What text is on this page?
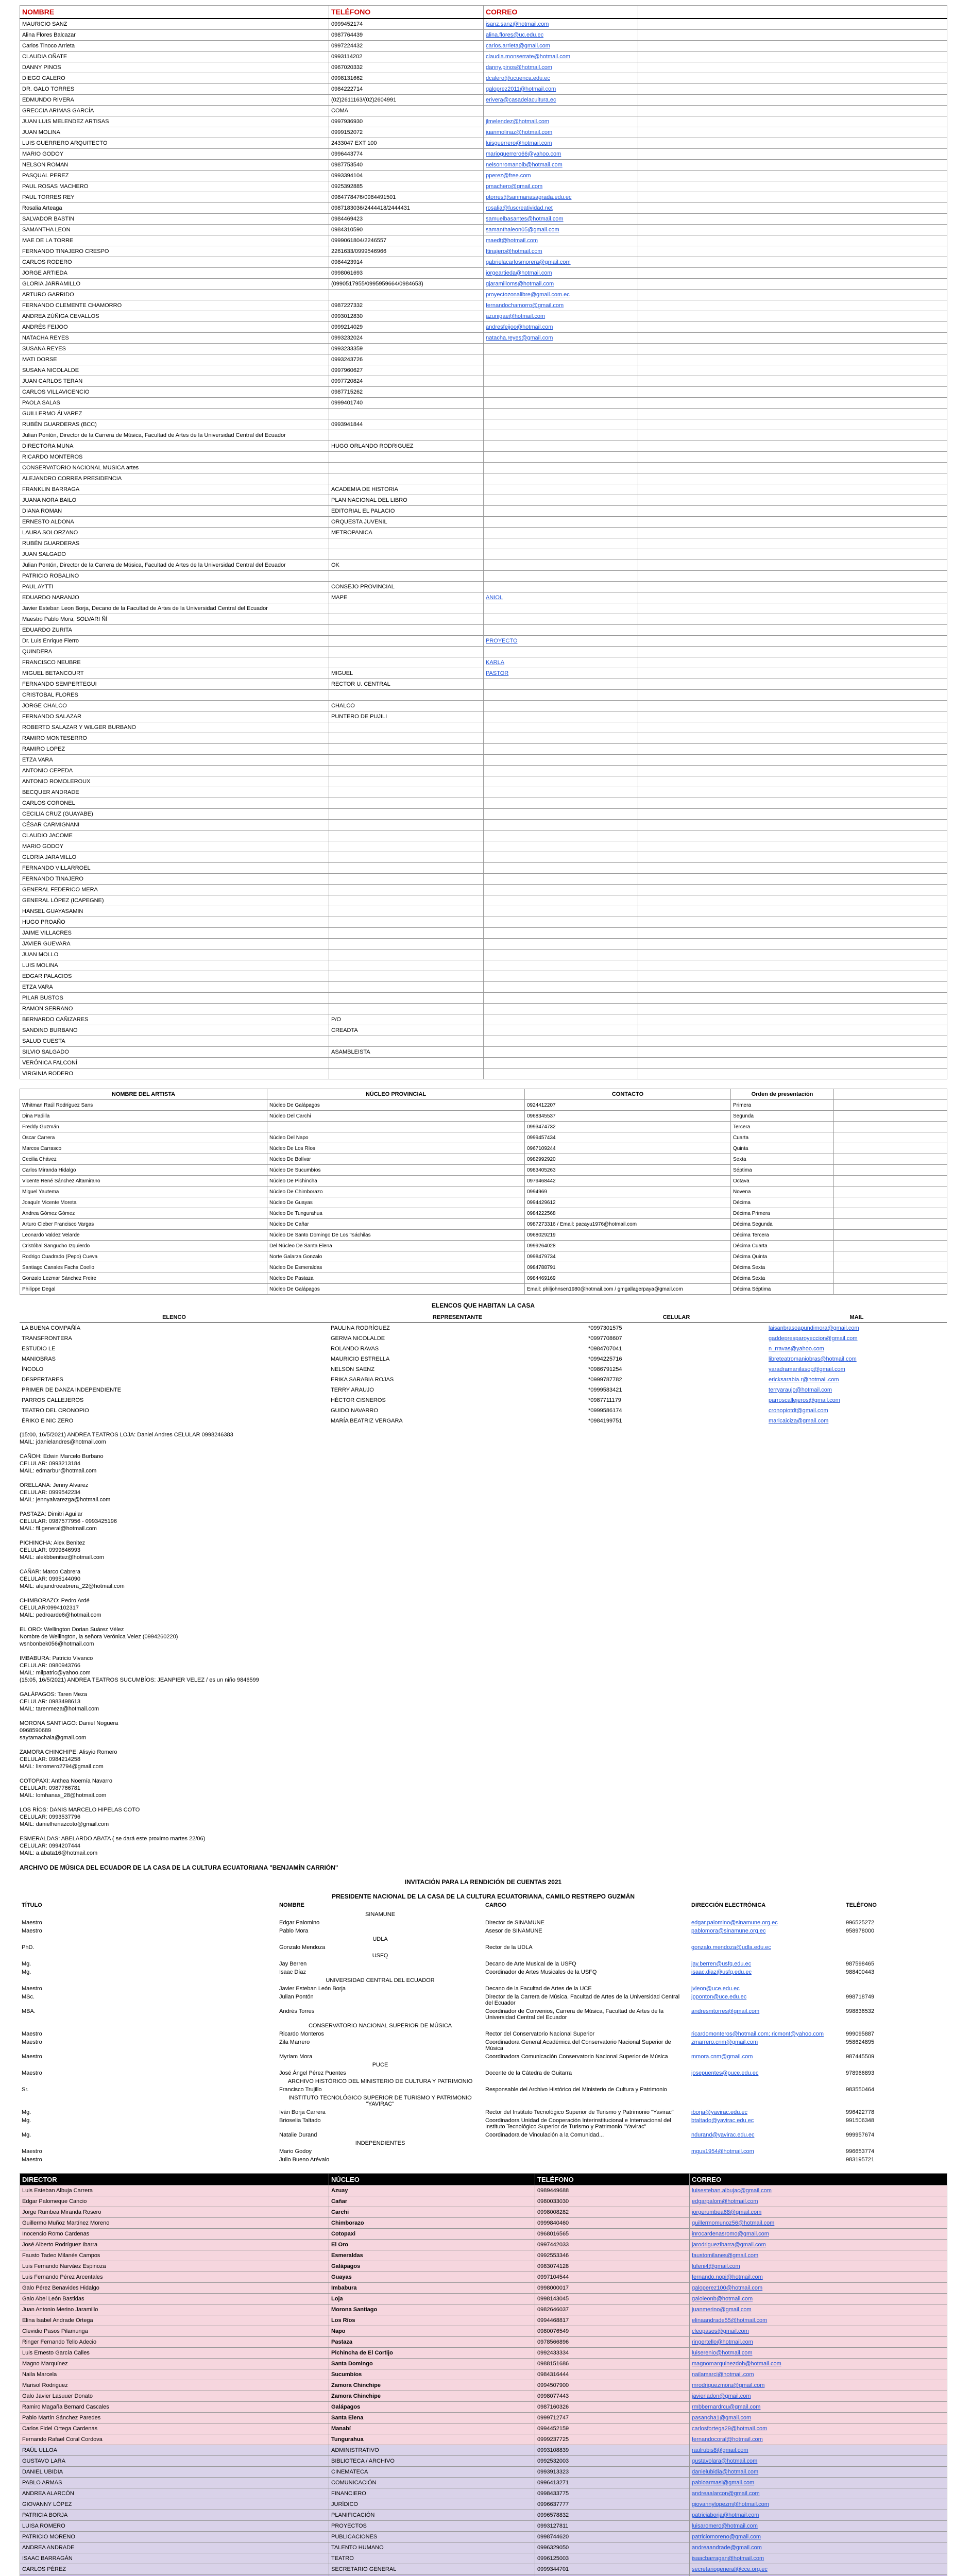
NOMBRE	TELÉFONO	CORREO	
MAURICIO SANZ	0999452174	jsanz.sanz@hotmail.com	
Alina Flores Balcazar	0987764439	alina.flores@uc.edu.ec	
Carlos Tinoco Arrieta	0997224432	carlos.arrieta@gmail.com	
CLAUDIA OÑATE	0993114202	claudia.monserrate@hotmail.com	
DANNY PINOS	0967020332	danny.pinos@hotmail.com	
DIEGO CALERO	0998131662	dcalero@ucuenca.edu.ec	
DR. GALO TORRES	0984222714	galoprez2011@hotmail.com	
EDMUNDO RIVERA	(02)2611163/(02)2604991	erivera@casadelacultura.ec	
GRECCIA ARIMAS GARCÍA	COMA		
JUAN LUIS MELENDEZ ARTISAS	0997936930	jlmelendez@hotmail.com	
JUAN MOLINA	0999152072	juanmolinaz@hotmail.com	
LUIS GUERRERO ARQUITECTO	2433047 EXT 100	luisguerrero@hotmail.com	
MARIO GODOY	0996443774	marioguerrero66@yahoo.com	
NELSON ROMAN	0987753540	nelsonromanolb@hotmail.com	
PASQUAL PEREZ	0993394104	pperez@free.com	
PAUL ROSAS MACHERO	0925392885	pmachero@gmail.com	
PAUL TORRES REY	0984778476/0984491501	ptorres@sanmariasagrada.edu.ec	
Rosalia Arteaga	0987183036/2444418/2444431	rosalia@fuscreatividad.net	
SALVADOR BASTIN	0984469423	samuelbasantes@hotmail.com	
SAMANTHA LEON	0984310590	samanthaleon05@gmail.com	
MAE DE LA TORRE	0999061804/2246557	maedt@hotmail.com	
FERNANDO TINAJERO CRESPO	2261633/0999546966	ftinajero@hotmail.com	
CARLOS RODERO	0984423914	gabrielacarlosmorera@gmail.com	
JORGE ARTIEDA	0998061693	jorgeartieda@hotmail.com	
GLORIA JARRAMILLO	(0990517955/0995959664/0984653)	gjaramilloms@hotmail.com	
ARTURO GARRIDO		proyectozonalibre@gmail.com.ec	
FERNANDO CLEMENTE CHAMORRO	0987227332	fernandochamorro@gmail.com	
ANDREA ZÚÑIGA CEVALLOS	0993012830	azunigae@hotmail.com	
ANDRÉS FEIJOO	0999214029	andresfeijoo@hotmail.com	
NATACHA REYES	0993232024	natacha.reyes@gmail.com	
SUSANA REYES	0993233359		
MATI DORSE	0993243726		
SUSANA NICOLALDE	0997960627		
JUAN CARLOS TERAN	0997720824		
CARLOS VILLAVICENCIO	0987715262		
PAOLA SALAS	0999401740		
GUILLERMO ÁLVAREZ			
RUBÉN GUARDERAS (BCC)	0993941844		
Julian Pontón, Director de la Carrera de Música, Facultad de Artes de la Universidad Central del Ecuador			
DIRECTORA MUNA	HUGO ORLANDO RODRIGUEZ		
RICARDO MONTEROS			
CONSERVATORIO NACIONAL MUSICA artes			
ALEJANDRO CORREA PRESIDENCIA			
FRANKLIN BARRAGA	ACADEMIA DE HISTORIA		
JUANA NORA BAILO	PLAN NACIONAL DEL LIBRO		
DIANA ROMAN	EDITORIAL EL PALACIO		
ERNESTO ALDONA	ORQUESTA JUVENIL		
LAURA SOLORZANO	METROPANICA		
RUBÉN GUARDERAS			
JUAN SALGADO			
Julian Pontón, Director de la Carrera de Música, Facultad de Artes de la Universidad Central del Ecuador	OK		
PATRICIO ROBALINO			
PAUL AYTTI	CONSEJO PROVINCIAL		
EDUARDO NARANJO	MAPE	ANIOL	
Javier Esteban Leon Borja, Decano de la Facultad de Artes de la Universidad Central del Ecuador			
Maestro Pablo Mora, SOLVARI ÑÍ			
EDUARDO ZURITA			
Dr. Luis Enrique Fierro		PROYECTO	
QUINDERA			
FRANCISCO NEUBRE		KARLA	
MIGUEL BETANCOURT	MIGUEL	PASTOR	
FERNANDO SEMPERTEGUI	RECTOR U. CENTRAL		
CRISTOBAL FLORES			
JORGE CHALCO	CHALCO		
FERNANDO SALAZAR	PUNTERO DE PUJILI		
ROBERTO SALAZAR Y WILGER BURBANO			
RAMIRO MONTESERRO			
RAMIRO LOPEZ			
ETZA VARA			
ANTONIO CEPEDA			
ANTONIO ROMOLEROUX			
BECQUER ANDRADE			
CARLOS CORONEL			
CECILIA CRUZ (GUAYABE)			
CÉSAR CARMIGNANI			
CLAUDIO JACOME			
MARIO GODOY			
GLORIA JARAMILLO			
FERNANDO VILLARROEL			
FERNANDO TINAJERO			
GENERAL FEDERICO MERA			
GENERAL LÓPEZ (ICAPEGNE)			
HANSEL GUAYASAMIN			
HUGO PROAÑO			
JAIME VILLACRES			
JAVIER GUEVARA			
JUAN MOLLO			
LUIS MOLINA			
EDGAR PALACIOS			
ETZA VARA			
PILAR BUSTOS			
RAMON SERRANO			
BERNARDO CAÑIZARES	P/O		
SANDINO BURBANO	CREADTA		
SALUD CUESTA			
SILVIO SALGADO	ASAMBLEISTA		
VERÓNICA FALCONÍ			
VIRGINIA RODERO			
NOMBRE DEL ARTISTA	NÚCLEO PROVINCIAL	CONTACTO	Orden de presentación	
Whitman Raúl Rodríguez Sans	Núcleo De Galápagos	0924412207	Primera	
Dina Padilla	Núcleo Del Carchi	0968345537	Segunda	
Freddy Guzmán		0993474732	Tercera	
Oscar Carrera	Núcleo Del Napo	0999457434	Cuarta	
Marcos Carrasco	Núcleo De Los Ríos	0967109244	Quinta	
Cecilia Chávez	Núcleo De Bolívar	0982992920	Sexta	
Carlos Miranda Hidalgo	Núcleo De Sucumbíos	0983405263	Séptima	
Vicente René Sánchez Altamirano	Núcleo De Pichincha	0979468442	Octava	
Miguel Yautema	Núcleo De Chimborazo	0994969	Novena	
Joaquín Vicente Moreta	Núcleo De Guayas	0994429612	Décima	
Andrea Gómez Gómez	Núcleo De Tungurahua	0984222568	Décima Primera	
Arturo Cleber Francisco Vargas	Núcleo De Cañar	0987273316 / Email: pacayu1976@hotmail.com	Décima Segunda	
Leonardo Valdez Velarde	Núcleo De Santo Domingo De Los Tsáchilas	0968029219	Décima Tercera	
Cristóbal Sangucho Izquierdo	Del Núcleo De Santa Elena	0999264028	Décima Cuarta	
Rodrigo Cuadrado (Pepo) Cueva	Norte Galarza Gonzalo	0998479734	Décima Quinta	
Santiago Canales Fachs Coello	Núcleo De Esmeraldas	0984788791	Décima Sexta	
Gonzalo Lezmar Sánchez Freire	Núcleo De Pastaza	0984469169	Décima Sexta	
Philippe Degal	Núcleo De Galápagos	Email: philjohnsen1980@hotmail.com / gmgallagerpaya@gmail.com	Décima Séptima	
ELENCOS QUE HABITAN LA CASA
ELENCO	REPRESENTANTE	CELULAR	MAIL
LA BUENA COMPAÑÍA	PAULINA RODRÍGUEZ	*0997301575	laisanbrasoapundimora@gmail.com
TRANSFRONTERA	GERMA NICOLALDE	*0997708607	gaddepresparoyeccion@gmail.com
ESTUDIO LE	ROLANDO RAVAS	*0984707041	n_rravas@yahoo.com
MANIOBRAS	MAURICIO ESTRELLA	*0994225716	libreteatromaniobras@hotmail.com
ÍNCOLO	NELSON SAENZ	*0986791254	yaradramanilasop@gmail.com
DESPERTARES	ERIKA SARABIA ROJAS	*0999787782	ericksarabia.r@hotmail.com
PRIMER DE DANZA INDEPENDIENTE	TERRY ARAUJO	*0999583421	terryaraujo@hotmail.com
PARROS CALLEJEROS	HÉCTOR CISNEROS	*0987711179	parroscallejeros@gmail.com
TEATRO DEL CRONOPIO	GUIDO NAVARRO	*0999586174	cronopiotdt@gmail.com
ÉRIKO E NIC ZERO	MARÍA BEATRIZ VERGARA	*0984199751	maricaiciza@gmail.com
(15:00, 16/5/2021) ANDREA TEATROS LOJA: Daniel Andres CELULAR 0998246383
MAIL: jdanielandres@hotmail.com

CAÑOH: Edwin Marcelo Burbano
CELULAR: 0993213184
MAIL: edmarbur@hotmail.com

ORELLANA: Jenny Alvarez
CELULAR: 0999542234
MAIL: jennyalvarezga@hotmail.com

PASTAZA: Dimitri Aguilar
CELULAR: 0987577956 - 0993425196
MAIL: fil.general@hotmail.com

PICHINCHA: Alex Benitez
CELULAR: 0999846993
MAIL: alekbbenitez@hotmail.com

CAÑAR: Marco Cabrera
CELULAR: 0995144090
MAIL: alejandroeabrera_22@hotmail.com

CHIMBORAZO: Pedro Ardé
CELULAR:0994102317
MAIL: pedroarde6@hotmail.com

EL ORO: Wellington Dorian Suárez Vélez
Nombre de Wellington, la señora Verónica Velez (0994260220)
wsnbonbek056@hotmail.com

IMBABURA: Patricio Vivanco
CELULAR: 0980943766
MAIL: milpatric@yahoo.com
(15:05, 16/5/2021) ANDREA TEATROS SUCUMBÍOS: JEANPIER VELEZ / es un niño 9846599

GALÁPAGOS: Taren Meza
CELULAR: 0983498613
MAIL: tarenmeza@hotmail.com

MORONA SANTIAGO: Daniel Noguera
0968590689
saytamachala@gmail.com

ZAMORA CHINCHIPE: Alisyio Romero
CELULAR: 0984214258
MAIL: lisromero2794@gmail.com

COTOPAXI: Anthea Noemía Navarro
CELULAR: 0987766781
MAIL: lomhanas_28@hotmail.com

LOS RÍOS: DANIS MARCELO HIPELAS COTO
CELULAR: 0993537796
MAIL: danielhenazcoto@gmail.com

ESMERALDAS: ABELARDO ABATA ( se dará este proximo martes 22/06)
CELULAR: 0994207444
MAIL: a.abata16@hotmail.com
ARCHIVO DE MÚSICA DEL ECUADOR DE LA CASA DE LA CULTURA ECUATORIANA "BENJAMÍN CARRIÓN"
INVITACIÓN PARA LA RENDICIÓN DE CUENTAS 2021
PRESIDENTE NACIONAL DE LA CASA DE LA CULTURA ECUATORIANA, CAMILO RESTREPO GUZMÁN
TÍTULO	NOMBRE	CARGO	DIRECCIÓN ELECTRÓNICA	TELÉFONO
	SINAMUNE			
Maestro	Edgar Palomino	Director de SINAMUNE	edgar.palomino@sinamune.org.ec	996525272
Maestro	Pablo Mora	Asesor de SINAMUNE	pablomora@sinamune.org.ec	958978000
	UDLA			
PhD.	Gonzalo Mendoza	Rector de la UDLA	gonzalo.mendoza@udla.edu.ec	
	USFQ			
Mg.	Jay Berren	Decano de Arte Musical de la USFQ	jay.berren@usfq.edu.ec	987598465
Mg.	Isaac Díaz	Coordinador de Artes Musicales de la USFQ	isaac.diaz@usfq.edu.ec	988400443
	UNIVERSIDAD CENTRAL DEL ECUADOR			
Maestro	Javier Esteban León Borja	Decano de la Facultad de Artes de la UCE	jvleon@uce.edu.ec	
MSc.	Julian Pontón	Director de la Carrera de Música, Facultad de Artes de la Universidad Central del Ecuador	jpponton@uce.edu.ec	998718749
MBA.	Andrés Torres	Coordinador de Convenios, Carrera de Música, Facultad de Artes de la Universidad Central del Ecuador	andresmtorres@gmail.com	998836532
	CONSERVATORIO NACIONAL SUPERIOR DE MÚSICA			
Maestro	Ricardo Monteros	Rector del Conservatorio Nacional Superior	ricardomonteros@hotmail.com; ricmont@yahoo.com	999095887
Maestro	Zila Marrero	Coordinadora General Académica del Conservatorio Nacional Superior de Música	zmarrero.cnm@gmail.com	958624895
Maestro	Myriam Mora	Coordinadora Comunicación Conservatorio Nacional Superior de Música	mmora.cnm@gmail.com	987445509
	PUCE			
Maestro	José Ángel Pérez Puentes	Docente de la Cátedra de Guitarra	josepuentes@puce.edu.ec	978966893
	ARCHIVO HISTÓRICO DEL MINISTERIO DE CULTURA Y PATRIMONIO			
Sr.	Francisco Trujillo	Responsable del Archivo Histórico del Ministerio de Cultura y Patrimonio		983550464
	INSTITUTO TECNOLÓGICO SUPERIOR DE TURISMO Y PATRIMONIO "YAVIRAC"			
Mg.	Iván Borja Carrera	Rector del Instituto Tecnológico Superior de Turismo y Patrimonio "Yavirac"	iborja@yavirac.edu.ec	996422778
Mg.	Brioselia Taltado	Coordinadora Unidad de Cooperación Interinstitucional e Internacional del Instituto Tecnológico Superior de Turismo y Patrimonio "Yavirac"	btaltado@yavirac.edu.ec	991506348
Mg.	Natalie Durand	Coordinadora de Vinculación a la Comunidad...	ndurand@yavirac.edu.ec	999957674
	INDEPENDIENTES			
Maestro	Mario Godoy		mgus1954@hotmail.com	996653774
Maestro	Julio Bueno Arévalo			983195721
DIRECTOR	NÚCLEO	TELÉFONO	CORREO
Luis Esteban Albuja Carrera	Azuay	0989449688	luisesteban.albujac@gmail.com
Edgar Palomeque Cancio	Cañar	0980033030	edgarpalom@hotmail.com
Jorge Rumbea Miranda Rosero	Carchi	0998008282	jorgerumbea68@gmail.com
Guillermo Muñoz Martínez Moreno	Chimborazo	0999840460	guillermomunoz56@hotmail.com
Inocencio Romo Cardenas	Cotopaxi	0968016565	inrocardenasromo@gmail.com
José Alberto Rodríguez Ibarra	El Oro	0997442033	jarodriguezibarra@gmail.com
Fausto Tadeo Milanés Campos	Esmeraldas	0992553346	faustomilanes@gmail.com
Luis Fernando Narváez Espinoza	Galápagos	0983074128	lufeni4@gmail.com
Luis Fernando Pérez Arcentales	Guayas	0997104544	fernando.nopi@hotmail.com
Galo Pérez Benavides Hidalgo	Imbabura	0998000017	galoperez100@hotmail.com
Galo Abel León Bastidas	Loja	0998143045	galoleonb@hotmail.com
Juan Antonio Merino Jaramillo	Morona Santiago	0982646037	juanmerino@gmail.com
Elina Isabel Andrade Ortega	Los Ríos	0994468817	elinaandrade55@hotmail.com
Clevidio Pasos Pilamunga	Napo	0980076549	cleopasos@gmail.com
Ringer Fernando Tello Adecio	Pastaza	0978566896	ringertello@hotmail.com
Luis Ernesto García Calles	Pichincha de El Cortijo	0992433334	luiserenio@hotmail.com
Magno Marquínez	Santa Domingo	0988151686	magnomarquinezdoh@hotmail.com
Naila Marcela	Sucumbíos	0984316444	nailamarci@hotmail.com
Marisol Rodriguez	Zamora Chinchipe	0994507900	mrodriguezmora@gmail.com
Galo Javier Lasuuer Donato	Zamora Chinchipe	0998077443	javierladon@gmail.com
Ramiro Magaña Bernard Cascales	Galápagos	0987160326	rmbbernardrcu@gmail.com
Pablo Martín Sánchez Paredes	Santa Elena	0999712747	pasancha1@gmail.com
Carlos Fidel Ortega Cardenas	Manabí	0994452159	carlosfortega29@hotmail.com
Fernando Rafael Coral Cordova	Tungurahua	0999237725	fernandocoral@hotmail.com
RAÚL ULLOA	ADMINISTRATIVO	0993108839	raulrubis8@gmail.com
GUSTAVO LARA	BIBLIOTECA / ARCHIVO	0992532003	gustavolara@hotmail.com
DANIEL UBIDIA	CINEMATECA	0993913323	danielubidia@hotmail.com
PABLO ARMAS	COMUNICACIÓN	0996413271	pabloarmasl@gmail.com
ANDREA ALARCÓN	FINANCIERO	0998433775	andreaalarcon@gmail.com
GIOVANNY LÓPEZ	JURÍDICO	0996637777	giovannylopezm@hotmail.com
PATRICIA BORJA	PLANIFICACIÓN	0996578832	patriciaborja@hotmail.com
LUISA ROMERO	PROYECTOS	0993127811	luisaromero@hotmail.com
PATRICIO MORENO	PUBLICACIONES	0998744620	patriciomoreno@gmail.com
ANDREA ANDRADE	TALENTO HUMANO	0996329050	andreaandrade@gmail.com
ISAAC BARRAGÁN	TEATRO	0996125003	isaacbarragan@hotmail.com
CARLOS PÉREZ	SECRETARIO GENERAL	0999344701	secretariogeneral@cce.org.ec
